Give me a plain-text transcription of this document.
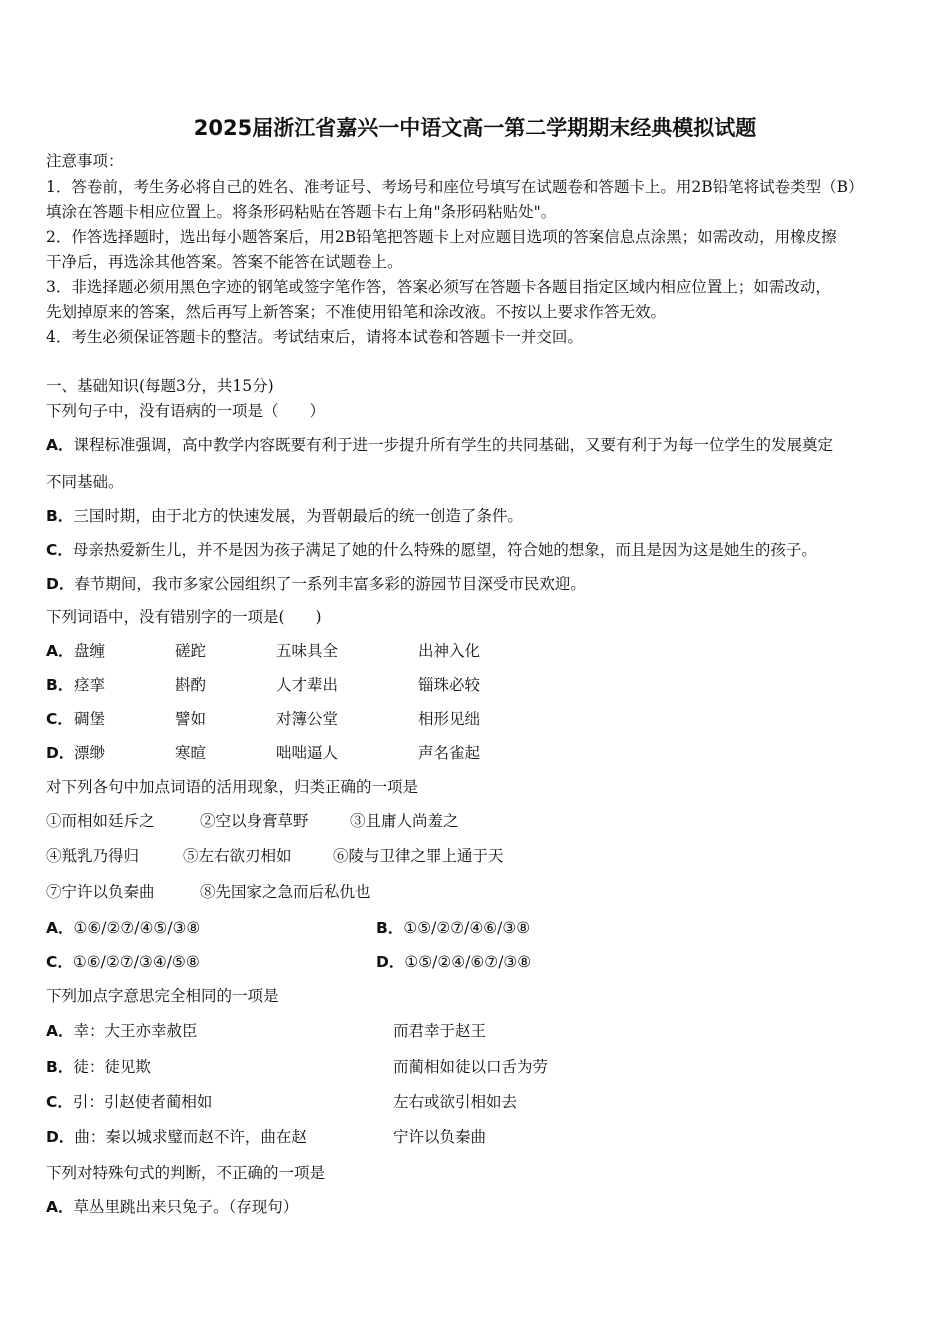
2025届浙江省嘉兴一中语文高一第二学期期末经典模拟试题
注意事项：
1．答卷前，考生务必将自己的姓名、准考证号、考场号和座位号填写在试题卷和答题卡上。用2B铅笔将试卷类型（B）
填涂在答题卡相应位置上。将条形码粘贴在答题卡右上角"条形码粘贴处"。
2．作答选择题时，选出每小题答案后，用2B铅笔把答题卡上对应题目选项的答案信息点涂黑；如需改动，用橡皮擦
干净后，再选涂其他答案。答案不能答在试题卷上。
3．非选择题必须用黑色字迹的钢笔或签字笔作答，答案必须写在答题卡各题目指定区域内相应位置上；如需改动，
先划掉原来的答案，然后再写上新答案；不准使用铅笔和涂改液。不按以上要求作答无效。
4．考生必须保证答题卡的整洁。考试结束后，请将本试卷和答题卡一并交回。
一、基础知识(每题3分，共15分)
下列句子中，没有语病的一项是（　　）
A．课程标准强调，高中教学内容既要有利于进一步提升所有学生的共同基础，又要有利于为每一位学生的发展奠定
不同基础。
B．三国时期，由于北方的快速发展，为晋朝最后的统一创造了条件。
C．母亲热爱新生儿，并不是因为孩子满足了她的什么特殊的愿望，符合她的想象，而且是因为这是她生的孩子。
D．春节期间，我市多家公园组织了一系列丰富多彩的游园节目深受市民欢迎。
下列词语中，没有错别字的一项是(　　)
A． 盘缠	磋跎	五味具全	出神入化
B． 痉挛	斟酌	人才辈出	锱珠必较
C． 碉堡	譬如	对簿公堂	相形见绌
D． 漂缈	寒暄	咄咄逼人	声名雀起
对下列各句中加点词语的活用现象，归类正确的一项是
①而相如廷斥之	②空以身膏草野	③且庸人尚羞之
④羝乳乃得归	⑤左右欲刃相如	⑥陵与卫律之罪上通于天
⑦宁许以负秦曲	⑧先国家之急而后私仇也
A．①⑥/②⑦/④⑤/③⑧	B．①⑤/②⑦/④⑥/③⑧
C．①⑥/②⑦/③④/⑤⑧	D．①⑤/②④/⑥⑦/③⑧
下列加点字意思完全相同的一项是
A．幸：大王亦幸赦臣	而君幸于赵王
B．徒：徒见欺	而蔺相如徒以口舌为劳
C．引：引赵使者蔺相如	左右或欲引相如去
D．曲：秦以城求璧而赵不许，曲在赵	宁许以负秦曲
下列对特殊句式的判断，不正确的一项是
A．草丛里跳出来只兔子。（存现句）
